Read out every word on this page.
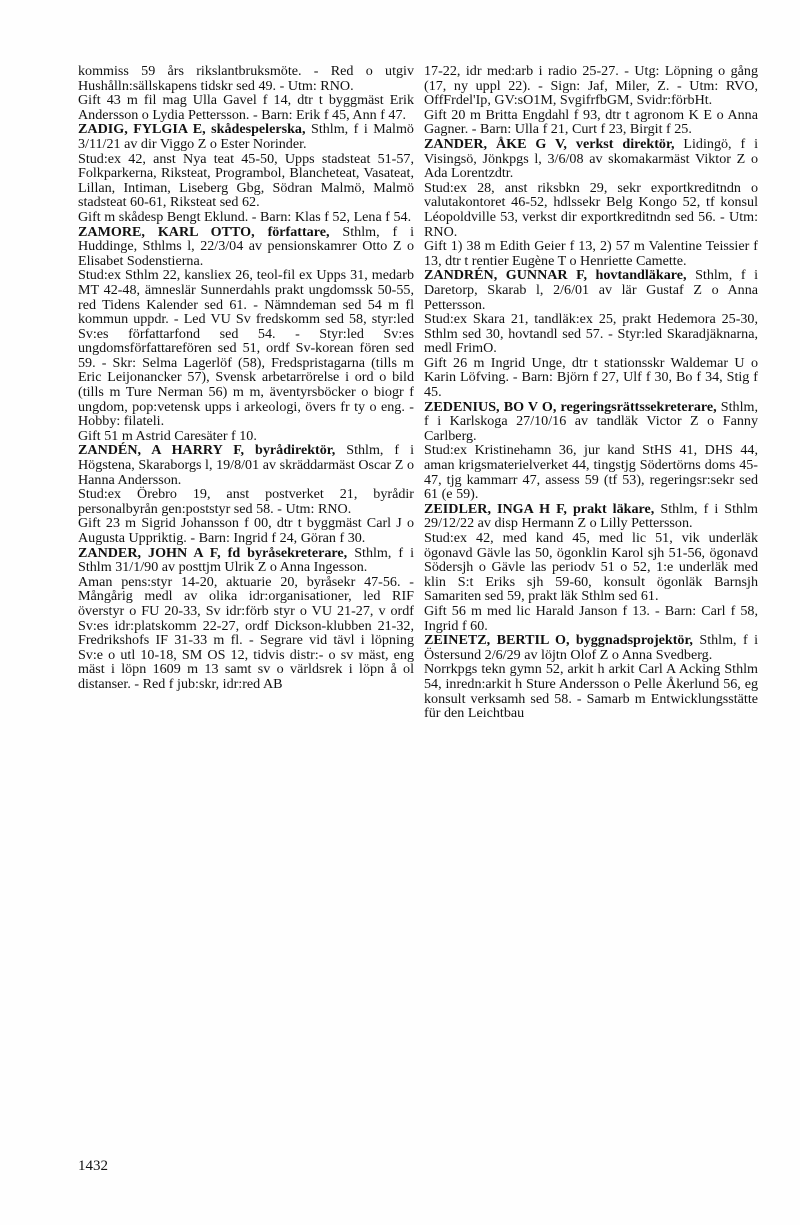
kommiss 59 års rikslantbruksmöte. - Red o utgiv Hushålln:sällskapens tidskr sed 49. - Utm: RNO.

Gift 43 m fil mag Ulla Gavel f 14, dtr t byggmäst Erik Andersson o Lydia Pettersson. - Barn: Erik f 45, Ann f 47.

ZADIG, FYLGIA E, skådespelerska, Sthlm, f i Malmö 3/11/21 av dir Viggo Z o Ester Norinder.

Stud:ex 42, anst Nya teat 45-50, Upps stadsteat 51-57, Folkparkerna, Riksteat, Programbol, Blancheteat, Vasateat, Lillan, Intiman, Liseberg Gbg, Södran Malmö, Malmö stadsteat 60-61, Riksteat sed 62.

Gift m skådesp Bengt Eklund. - Barn: Klas f 52, Lena f 54.

ZAMORE, KARL OTTO, författare, Sthlm, f i Huddinge, Sthlms l, 22/3/04 av pensionskamrer Otto Z o Elisabet Sodenstierna.

Stud:ex Sthlm 22, kansliex 26, teol-fil ex Upps 31, medarb MT 42-48, ämneslär Sunnerdahls prakt ungdomssk 50-55, red Tidens Kalender sed 61. - Nämndeman sed 54 m fl kommun uppdr. - Led VU Sv fredskomm sed 58, styr:led Sv:es författarfond sed 54. - Styr:led Sv:es ungdomsförfattarefören sed 51, ordf Sv-korean fören sed 59. - Skr: Selma Lagerlöf (58), Fredspristagarna (tills m Eric Leijonancker 57), Svensk arbetarrörelse i ord o bild (tills m Ture Nerman 56) m m, äventyrsböcker o biogr f ungdom, pop:vetensk upps i arkeologi, övers fr ty o eng. - Hobby: filateli.

Gift 51 m Astrid Caresäter f 10.

ZANDÉN, A HARRY F, byrådirektör, Sthlm, f i Högstena, Skaraborgs l, 19/8/01 av skräddarmäst Oscar Z o Hanna Andersson.

Stud:ex Örebro 19, anst postverket 21, byrådir personalbyrån gen:poststyr sed 58. - Utm: RNO.

Gift 23 m Sigrid Johansson f 00, dtr t byggmäst Carl J o Augusta Uppriktig. - Barn: Ingrid f 24, Göran f 30.

ZANDER, JOHN A F, fd byråsekreterare, Sthlm, f i Sthlm 31/1/90 av posttjm Ulrik Z o Anna Ingesson.

Aman pens:styr 14-20, aktuarie 20, byråsekr 47-56. - Mångårig medl av olika idr:organisationer, led RIF överstyr o FU 20-33, Sv idr:förb styr o VU 21-27, v ordf Sv:es idr:platskomm 22-27, ordf Dickson-klubben 21-32, Fredrikshofs IF 31-33 m fl. - Segrare vid tävl i löpning Sv:e o utl 10-18, SM OS 12, tidvis distr:- o sv mäst, eng mäst i löpn 1609 m 13 samt sv o världsrek i löpn å ol distanser. - Red f jub:skr, idr:red AB

17-22, idr med:arb i radio 25-27. - Utg: Löpning o gång (17, ny uppl 22). - Sign: Jaf, Miler, Z. - Utm: RVO, OffFrdel'Ip, GV:sO1M, SvgifrfbGM, Svidr:förbHt.

Gift 20 m Britta Engdahl f 93, dtr t agronom K E o Anna Gagner. - Barn: Ulla f 21, Curt f 23, Birgit f 25.

ZANDER, ÅKE G V, verkst direktör, Lidingö, f i Visingsö, Jönkpgs l, 3/6/08 av skomakarmäst Viktor Z o Ada Lorentzdtr.

Stud:ex 28, anst riksbkn 29, sekr exportkreditndn o valutakontoret 46-52, hdlssekr Belg Kongo 52, tf konsul Léopoldville 53, verkst dir exportkreditndn sed 56. - Utm: RNO.

Gift 1) 38 m Edith Geier f 13, 2) 57 m Valentine Teissier f 13, dtr t rentier Eugène T o Henriette Camette.

ZANDRÉN, GUNNAR F, hovtandläkare, Sthlm, f i Daretorp, Skarab l, 2/6/01 av lär Gustaf Z o Anna Pettersson.

Stud:ex Skara 21, tandläk:ex 25, prakt Hedemora 25-30, Sthlm sed 30, hovtandl sed 57. - Styr:led Skaradjäknarna, medl FrimO.

Gift 26 m Ingrid Unge, dtr t stationsskr Waldemar U o Karin Löfving. - Barn: Björn f 27, Ulf f 30, Bo f 34, Stig f 45.

ZEDENIUS, BO V O, regeringsrättssekreterare, Sthlm, f i Karlskoga 27/10/16 av tandläk Victor Z o Fanny Carlberg.

Stud:ex Kristinehamn 36, jur kand StHS 41, DHS 44, aman krigsmaterielverket 44, tingstjg Södertörns doms 45-47, tjg kammarr 47, assess 59 (tf 53), regeringsr:sekr sed 61 (e 59).

ZEIDLER, INGA H F, prakt läkare, Sthlm, f i Sthlm 29/12/22 av disp Hermann Z o Lilly Pettersson.

Stud:ex 42, med kand 45, med lic 51, vik underläk ögonavd Gävle las 50, ögonklin Karol sjh 51-56, ögonavd Södersjh o Gävle las periodv 51 o 52, 1:e underläk med klin S:t Eriks sjh 59-60, konsult ögonläk Barnsjh Samariten sed 59, prakt läk Sthlm sed 61.

Gift 56 m med lic Harald Janson f 13. - Barn: Carl f 58, Ingrid f 60.

ZEINETZ, BERTIL O, byggnadsprojektör, Sthlm, f i Östersund 2/6/29 av löjtn Olof Z o Anna Svedberg.

Norrkpgs tekn gymn 52, arkit h arkit Carl A Acking Sthlm 54, inredn:arkit h Sture Andersson o Pelle Åkerlund 56, eg konsult verksamh sed 58. - Samarb m Entwicklungsstätte für den Leichtbau

1432
